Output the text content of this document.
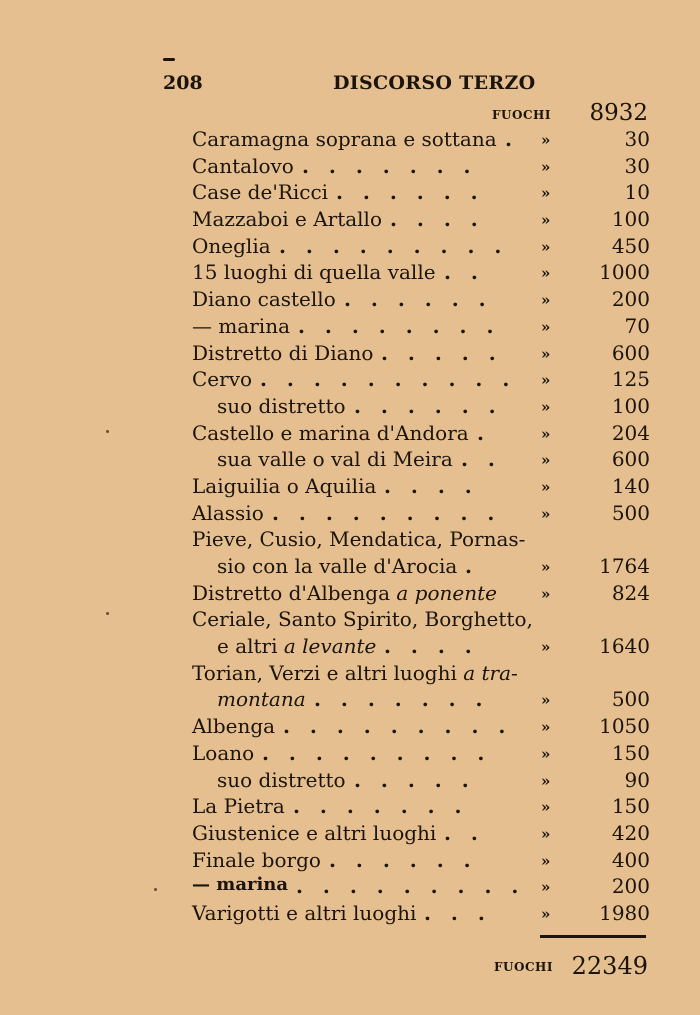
208	DISCORSO TERZO
FUOCHI 8932
Caramagna soprana e sottana . »	30
Cantalovo . . . . . . .	»	30
Case de'Ricci . . . . . .	»	10
Mazzaboi e Artallo . . . .	»	100
Oneglia . . . . . . . . . »	450
15 luoghi di quella valle . .	» 1000
Diano castello . . . . . .	»	200
— marina . . . . . . . .	»	70
Distretto di Diano . . . . .	»	600
Cervo . . . . . . . . . . »	125
suo distretto . . . . . .	»	100
Castello e marina d'Andora .	»	204
sua valle o val di Meira . .	»	600
Laiguilia o Aquilia . . . .	»	140
Alassio . . . . . . . . .	»	500
Pieve, Cusio, Mendatica, Pornas-
sio con la valle d'Arocia .	» 1764
Distretto d'Albenga a ponente	»	824
Ceriale, Santo Spirito, Borghetto,
e altri a levante . . . .	» 1640
Torian, Verzi e altri luoghi a tra-
montana . . . . . . .	»	500
Albenga . . . . . . . . . » 1050
Loano . . . . . . . . .	»	150
suo distretto . . . . .	»	90
La Pietra . . . . . . .	»	150
Giustenice e altri luoghi . .	»	420
Finale borgo . . . . . .	»	400
— marina . . . . . . . . . »	200
Varigotti e altri luoghi . . .	» 1980
FUOCHI 22349
